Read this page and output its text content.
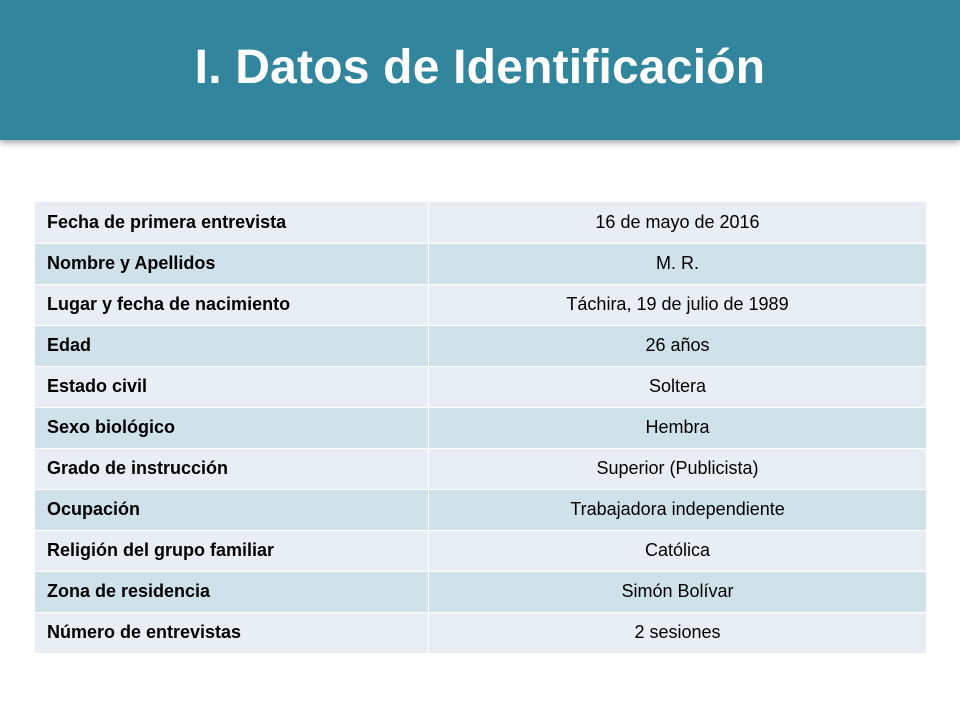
I. Datos de Identificación
Fecha de primera entrevista	16 de mayo de 2016
Nombre y Apellidos	M. R.
Lugar y fecha de nacimiento	Táchira, 19 de julio de 1989
Edad	26 años
Estado civil	Soltera
Sexo biológico	Hembra
Grado de instrucción	Superior (Publicista)
Ocupación	Trabajadora independiente
Religión del grupo familiar	Católica
Zona de residencia	Simón Bolívar
Número de entrevistas	2 sesiones
